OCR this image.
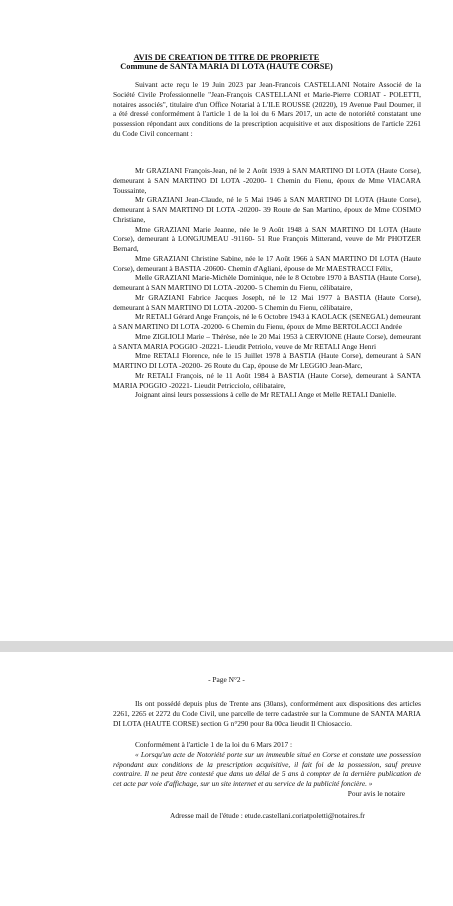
AVIS DE CREATION DE TITRE DE PROPRIETE
Commune de SANTA MARIA DI LOTA (HAUTE CORSE)

Suivant acte reçu le 19 Juin 2023 par Jean-Francois CASTELLANI Notaire Associé de la Société Civile Professionnelle "Jean-François CASTELLANI et Marie-Pierre CORIAT - POLETTI, notaires associés", titulaire d'un Office Notarial à L'ILE ROUSSE (20220), 19 Avenue Paul Doumer, il a été dressé conformément à l'article 1 de la loi du 6 Mars 2017, un acte de notoriété constatant une possession répondant aux conditions de la prescription acquisitive et aux dispositions de l'article 2261 du Code Civil concernant :

Mr GRAZIANI François-Jean, né le 2 Août 1939 à SAN MARTINO DI LOTA (Haute Corse), demeurant à SAN MARTINO DI LOTA -20200- 1 Chemin du Fienu, époux de Mme VIACARA Toussainte,

Mr GRAZIANI Jean-Claude, né le 5 Mai 1946 à SAN MARTINO DI LOTA (Haute Corse), demeurant à SAN MARTINO DI LOTA -20200- 39 Route de San Martino, époux de Mme COSIMO Christiane,

Mme GRAZIANI Marie Jeanne, née le 9 Août 1948 à SAN MARTINO DI LOTA (Haute Corse), demeurant à LONGJUMEAU -91160- 51 Rue François Mitterand, veuve de Mr PHOTZER Bernard,

Mme GRAZIANI Christine Sabine, née le 17 Août 1966 à SAN MARTINO DI LOTA (Haute Corse), demeurant à BASTIA -20600- Chemin d'Agliani, épouse de Mr MAESTRACCI Félix,

Melle GRAZIANI Marie-Michèle Dominique, née le 8 Octobre 1970 à BASTIA (Haute Corse), demeurant à SAN MARTINO DI LOTA -20200- 5 Chemin du Fienu, célibataire,

Mr GRAZIANI Fabrice Jacques Joseph, né le 12 Mai 1977 à BASTIA (Haute Corse), demeurant à SAN MARTINO DI LOTA -20200- 5 Chemin du Fienu, célibataire,

Mr RETALI Gérard Ange François, né le 6 Octobre 1943 à KAOLACK (SENEGAL) demeurant à SAN MARTINO DI LOTA -20200- 6 Chemin du Fienu, époux de Mme BERTOLACCI Andrée

Mme ZIGLIOLI Marie – Thérèse, née le 20 Mai 1953 à CERVIONE (Haute Corse), demeurant à SANTA MARIA POGGIO -20221- Lieudit Petriolo, veuve de Mr RETALI Ange Henri

Mme RETALI Florence, née le 15 Juillet 1978 à BASTIA (Haute Corse), demeurant à SAN MARTINO DI LOTA -20200- 26 Route du Cap, épouse de Mr LEGGIO Jean-Marc,

Mr RETALI François, né le 11 Août 1984 à BASTIA (Haute Corse), demeurant à SANTA MARIA POGGIO -20221- Lieudit Petricciolo, célibataire,

Joignant ainsi leurs possessions à celle de Mr RETALI Ange et Melle RETALI Danielle.

- Page N°2 -

Ils ont possédé depuis plus de Trente ans (30ans), conformément aux dispositions des articles 2261, 2265 et 2272 du Code Civil, une parcelle de terre cadastrée sur la Commune de SANTA MARIA DI LOTA (HAUTE CORSE) section G n°290 pour 8a 00ca lieudit Il Chiosaccio.

Conformément à l'article 1 de la loi du 6 Mars 2017 :

« Lorsqu'un acte de Notoriété porte sur un immeuble situé en Corse et constate une possession répondant aux conditions de la prescription acquisitive, il fait foi de la possession, sauf preuve contraire. Il ne peut être contesté que dans un délai de 5 ans à compter de la dernière publication de cet acte par voie d'affichage, sur un site internet et au service de la publicité foncière. »

Pour avis le notaire

Adresse mail de l'étude : etude.castellani.coriatpoletti@notaires.fr
